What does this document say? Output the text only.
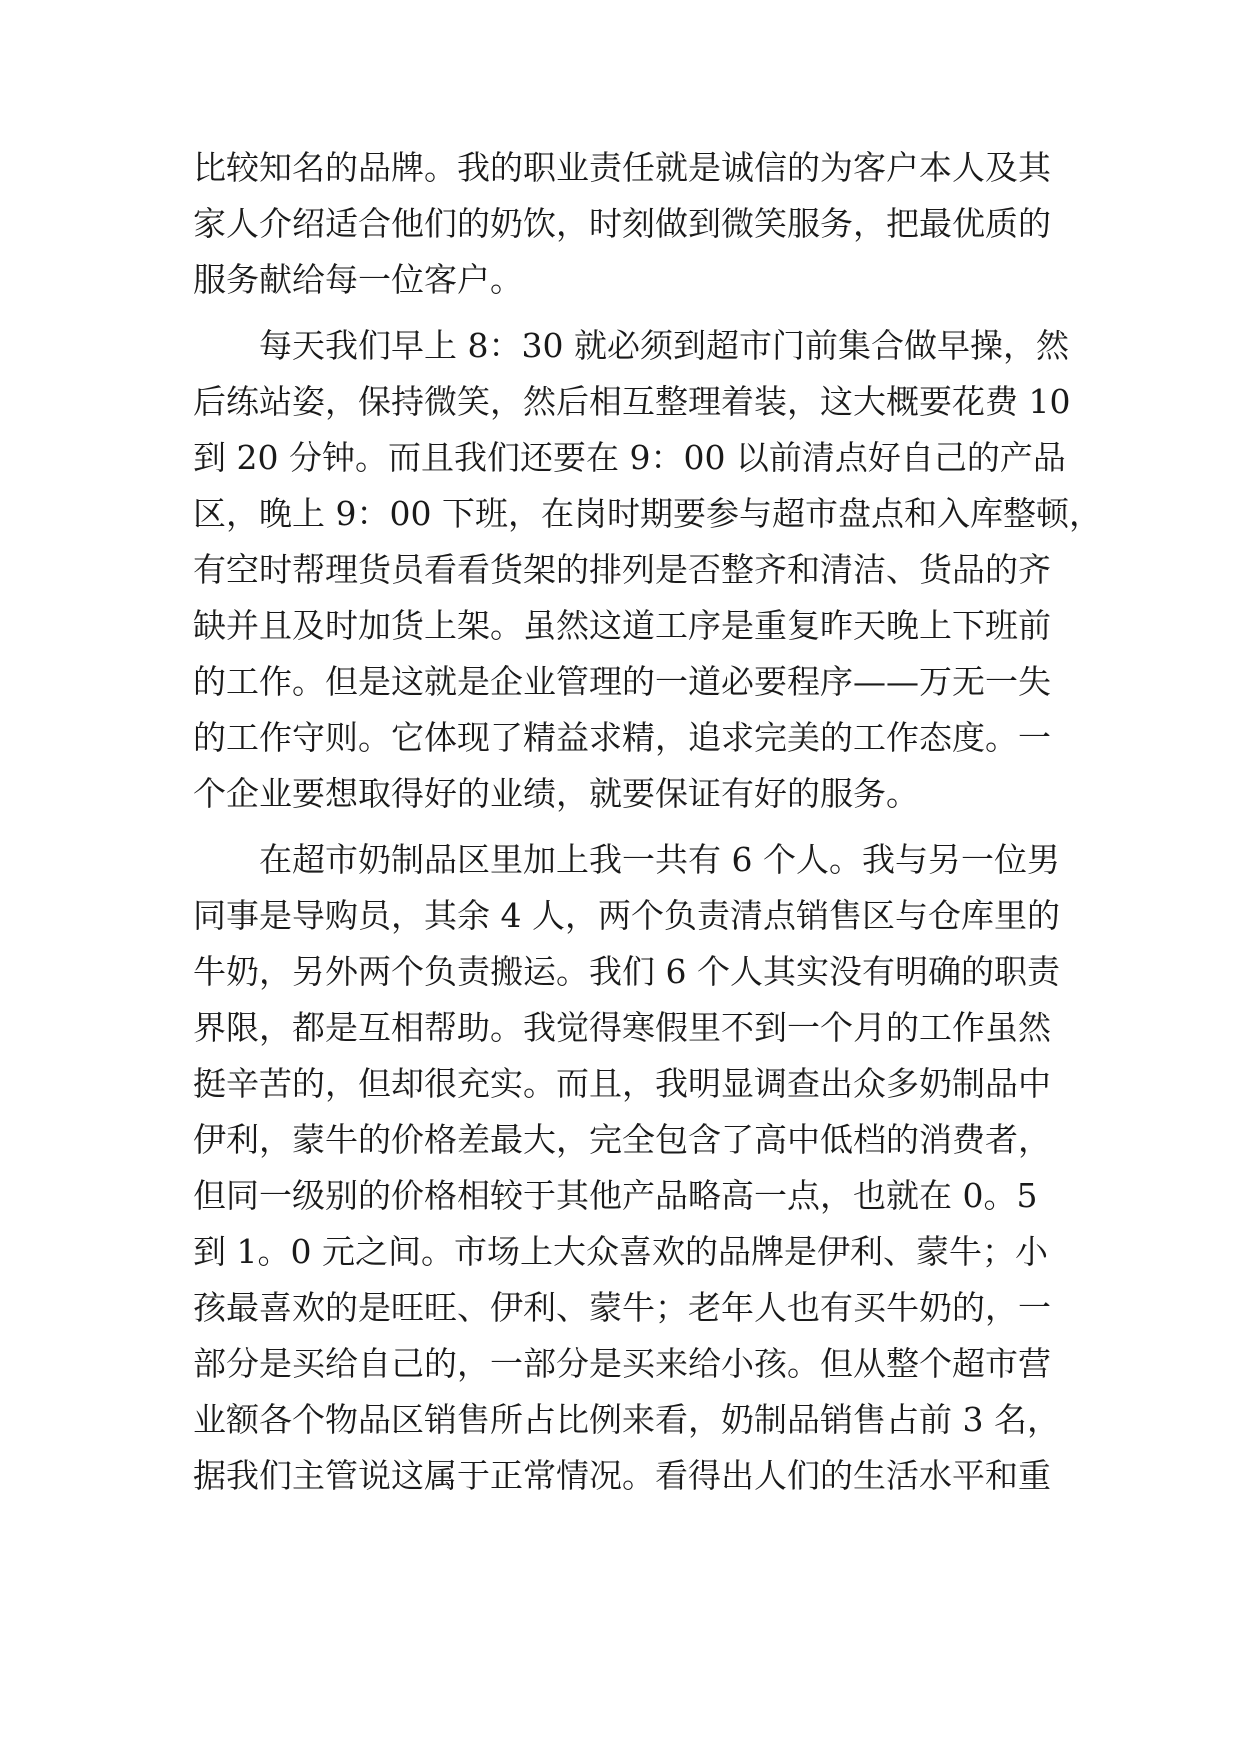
比较知名的品牌。我的职业责任就是诚信的为客户本人及其
家人介绍适合他们的奶饮，时刻做到微笑服务，把最优质的
服务献给每一位客户。
每天我们早上 8：30 就必须到超市门前集合做早操，然
后练站姿，保持微笑，然后相互整理着装，这大概要花费 10
到 20 分钟。而且我们还要在 9：00 以前清点好自己的产品
区，晚上 9：00 下班，在岗时期要参与超市盘点和入库整顿，
有空时帮理货员看看货架的排列是否整齐和清洁、货品的齐
缺并且及时加货上架。虽然这道工序是重复昨天晚上下班前
的工作。但是这就是企业管理的一道必要程序——万无一失
的工作守则。它体现了精益求精，追求完美的工作态度。一
个企业要想取得好的业绩，就要保证有好的服务。
在超市奶制品区里加上我一共有 6 个人。我与另一位男
同事是导购员，其余 4 人，两个负责清点销售区与仓库里的
牛奶，另外两个负责搬运。我们 6 个人其实没有明确的职责
界限，都是互相帮助。我觉得寒假里不到一个月的工作虽然
挺辛苦的，但却很充实。而且，我明显调查出众多奶制品中
伊利，蒙牛的价格差最大，完全包含了高中低档的消费者，
但同一级别的价格相较于其他产品略高一点，也就在 0。5
到 1。0 元之间。市场上大众喜欢的品牌是伊利、蒙牛；小
孩最喜欢的是旺旺、伊利、蒙牛；老年人也有买牛奶的，一
部分是买给自己的，一部分是买来给小孩。但从整个超市营
业额各个物品区销售所占比例来看，奶制品销售占前 3 名，
据我们主管说这属于正常情况。看得出人们的生活水平和重
